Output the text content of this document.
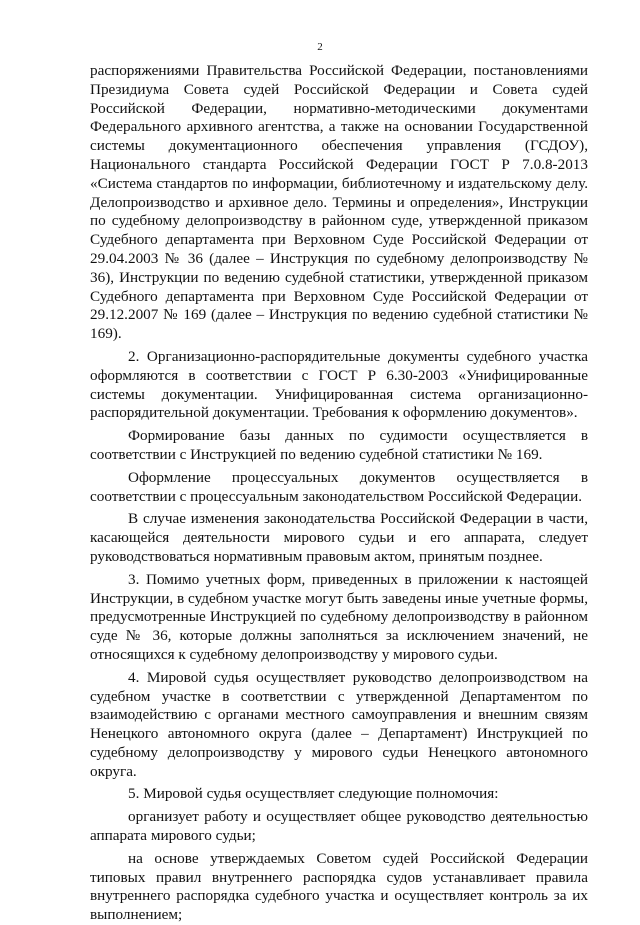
2

распоряжениями Правительства Российской Федерации, постановлениями Президиума Совета судей Российской Федерации и Совета судей Российской Федерации, нормативно-методическими документами Федерального архивного агентства, а также на основании Государственной системы документационного обеспечения управления (ГСДОУ), Национального стандарта Российской Федерации ГОСТ Р 7.0.8-2013 «Система стандартов по информации, библиотечному и издательскому делу. Делопроизводство и архивное дело. Термины и определения», Инструкции по судебному делопроизводству в районном суде, утвержденной приказом Судебного департамента при Верховном Суде Российской Федерации от 29.04.2003 № 36 (далее – Инструкция по судебному делопроизводству № 36), Инструкции по ведению судебной статистики, утвержденной приказом Судебного департамента при Верховном Суде Российской Федерации от 29.12.2007 № 169 (далее – Инструкция по ведению судебной статистики № 169).

2. Организационно-распорядительные документы судебного участка оформляются в соответствии с ГОСТ Р 6.30-2003 «Унифицированные системы документации. Унифицированная система организационно-распорядительной документации. Требования к оформлению документов».

Формирование базы данных по судимости осуществляется в соответствии с Инструкцией по ведению судебной статистики № 169.

Оформление процессуальных документов осуществляется в соответствии с процессуальным законодательством Российской Федерации.

В случае изменения законодательства Российской Федерации в части, касающейся деятельности мирового судьи и его аппарата, следует руководствоваться нормативным правовым актом, принятым позднее.

3. Помимо учетных форм, приведенных в приложении к настоящей Инструкции, в судебном участке могут быть заведены иные учетные формы, предусмотренные Инструкцией по судебному делопроизводству в районном суде № 36, которые должны заполняться за исключением значений, не относящихся к судебному делопроизводству у мирового судьи.

4. Мировой судья осуществляет руководство делопроизводством на судебном участке в соответствии с утвержденной Департаментом по взаимодействию с органами местного самоуправления и внешним связям Ненецкого автономного округа (далее – Департамент) Инструкцией по судебному делопроизводству у мирового судьи Ненецкого автономного округа.

5. Мировой судья осуществляет следующие полномочия:

организует работу и осуществляет общее руководство деятельностью аппарата мирового судьи;

на основе утверждаемых Советом судей Российской Федерации типовых правил внутреннего распорядка судов устанавливает правила внутреннего распорядка судебного участка и осуществляет контроль за их выполнением;
